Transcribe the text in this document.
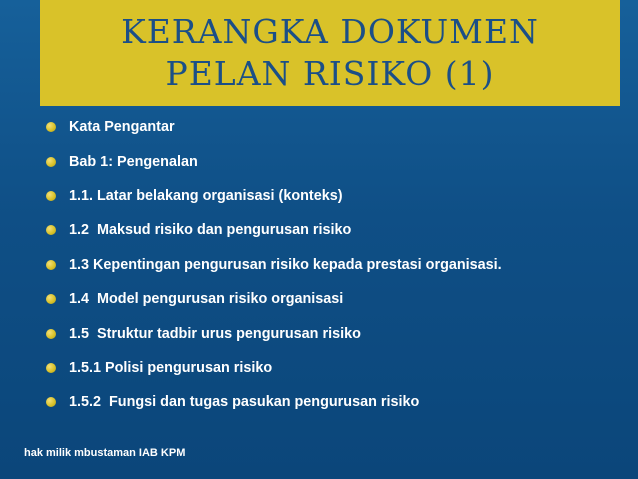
KERANGKA DOKUMEN
PELAN RISIKO (1)
Kata Pengantar
Bab 1: Pengenalan
1.1. Latar belakang organisasi (konteks)
1.2  Maksud risiko dan pengurusan risiko
1.3 Kepentingan pengurusan risiko kepada prestasi organisasi.
1.4  Model pengurusan risiko organisasi
1.5  Struktur tadbir urus pengurusan risiko
1.5.1 Polisi pengurusan risiko
1.5.2  Fungsi dan tugas pasukan pengurusan risiko
hak milik mbustaman IAB KPM
